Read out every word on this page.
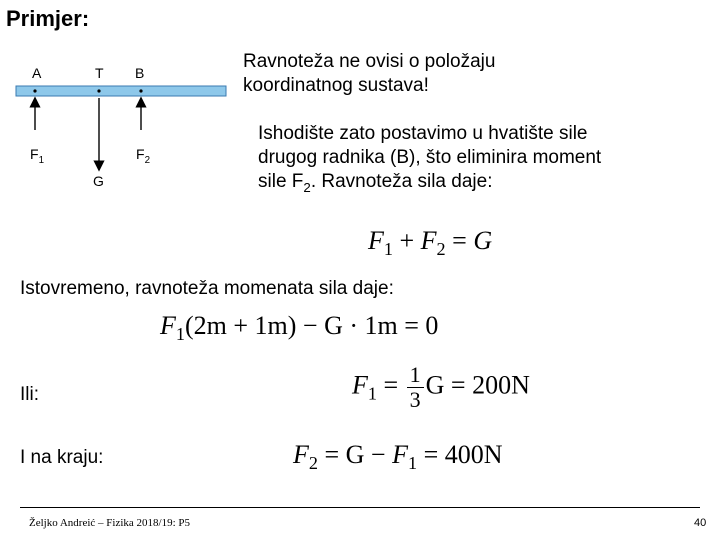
Primjer:
A	T B
$F_1$	$F_2$
G
Ravnoteža ne ovisi o položaju
koordinatnog sustava!
Ishodište zato postavimo u hvatište sile
drugog radnika (B), što eliminira moment
sile $F_2$. Ravnoteža sila daje:
$F_1 + F_2 = G$
Istovremeno, ravnoteža momenata sila daje:
$F_1(2m + 1m) - G \cdot 1m = 0$
Ili:	$F_1 = \frac{1}{3}$ G = 200N
I na kraju:	$F_2 = G - F_1 = 400N$
Željko Andreić – Fizika 2018/19: P5	40
